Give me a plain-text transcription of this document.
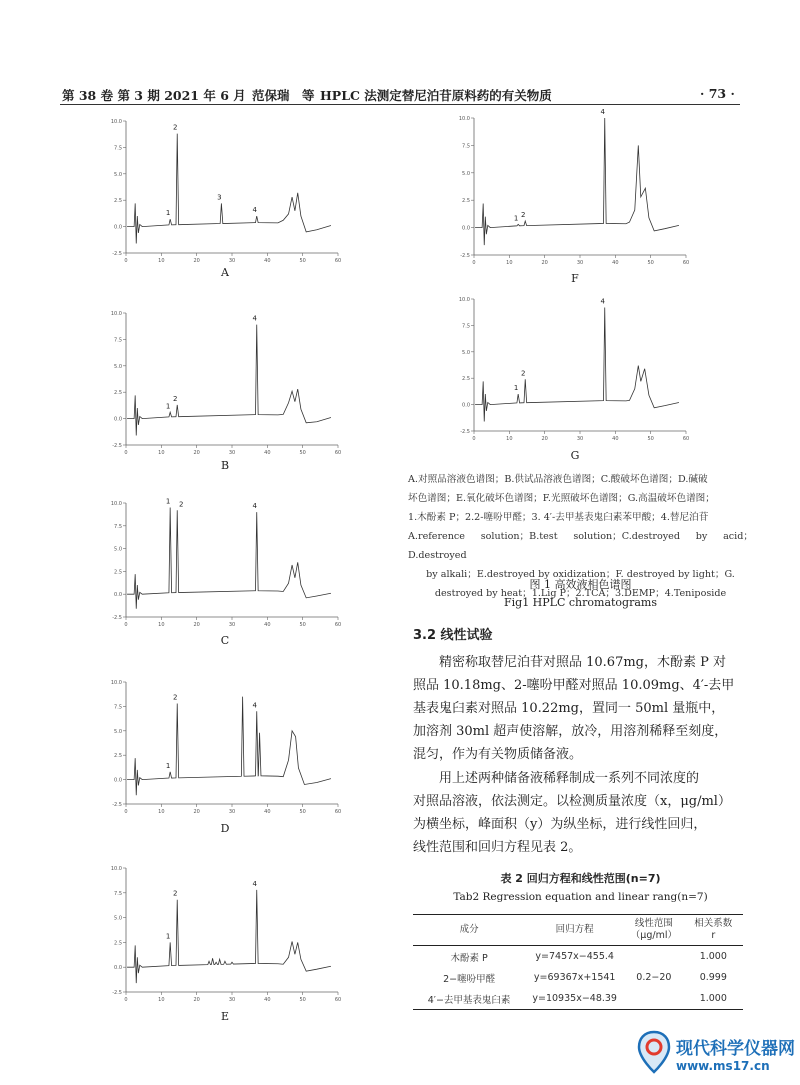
第 38 卷 第 3 期 2021 年 6 月 范保瑞　等 HPLC 法测定替尼泊苷原料药的有关物质	· 73 ·
10.0
7.5
5.0
2.5
0.0
-2.5
0	10	20	30	40	50	60
1
2
3
4
A
10.0
7.5
5.0
2.5
0.0
-2.5
0	10	20	30	40	50	60
1
2
4
B
10.0
7.5
5.0
2.5
0.0
-2.5
0	10	20	30	40	50	60
1 2	4
C
10.0
7.5
5.0
2.5
0.0
-2.5
0	10	20	30	40	50	60
1
2
4
D
10.0
7.5
5.0
2.5
0.0
-2.5
0	10	20	30	40	50	60
1
2
4
E
10.0
7.5
5.0
2.5
0.0
-2.5
0	10	20	30	40	50	60
1 2
4
F
10.0
7.5
5.0
2.5
0.0
-2.5
0	10	20	30	40	50	60
1
2
4
G

A.对照品溶液色谱图；B.供试品溶液色谱图；C.酸破坏色谱图；D.碱破

坏色谱图；E.氧化破坏色谱图；F.光照破坏色谱图；G.高温破坏色谱图；

1.木酚素 P；2.2-噻吩甲醛；3. 4′-去甲基表鬼臼素苯甲酸；4.替尼泊苷

A.reference solution；B.test solution；C.destroyed by acid；D.destroyed

by alkali；E.destroyed by oxidization；F. destroyed by light；G.

destroyed by heat；1.Lig P；2.TCA；3.DEMP；4.Teniposide

图 1 高效液相色谱图
Fig1 HPLC chromatograms
3.2 线性试验
精密称取替尼泊苷对照品 10.67mg，木酚素 P 对
照品 10.18mg、2-噻吩甲醛对照品 10.09mg、4′-去甲
基表鬼臼素对照品 10.22mg，置同一 50ml 量瓶中，
加溶剂 30ml 超声使溶解，放冷，用溶剂稀释至刻度，
混匀，作为有关物质储备液。
用上述两种储备液稀释制成一系列不同浓度的
对照品溶液，依法测定。以检测质量浓度（x，μg/ml）
为横坐标，峰面积（y）为纵坐标，进行线性回归，
线性范围和回归方程见表 2。
表 2 回归方程和线性范围(n=7)
Tab2 Regression equation and linear rang(n=7)
成分	回归方程	线性范围
（μg/ml）	相关系数
r
木酚素 P	y=7457x−455.4		1.000
2−噻吩甲醛	y=69367x+1541	0.2−20	0.999
4′−去甲基表鬼臼素	y=10935x−48.39		1.000
现代科学仪器网
www.ms17.cn
